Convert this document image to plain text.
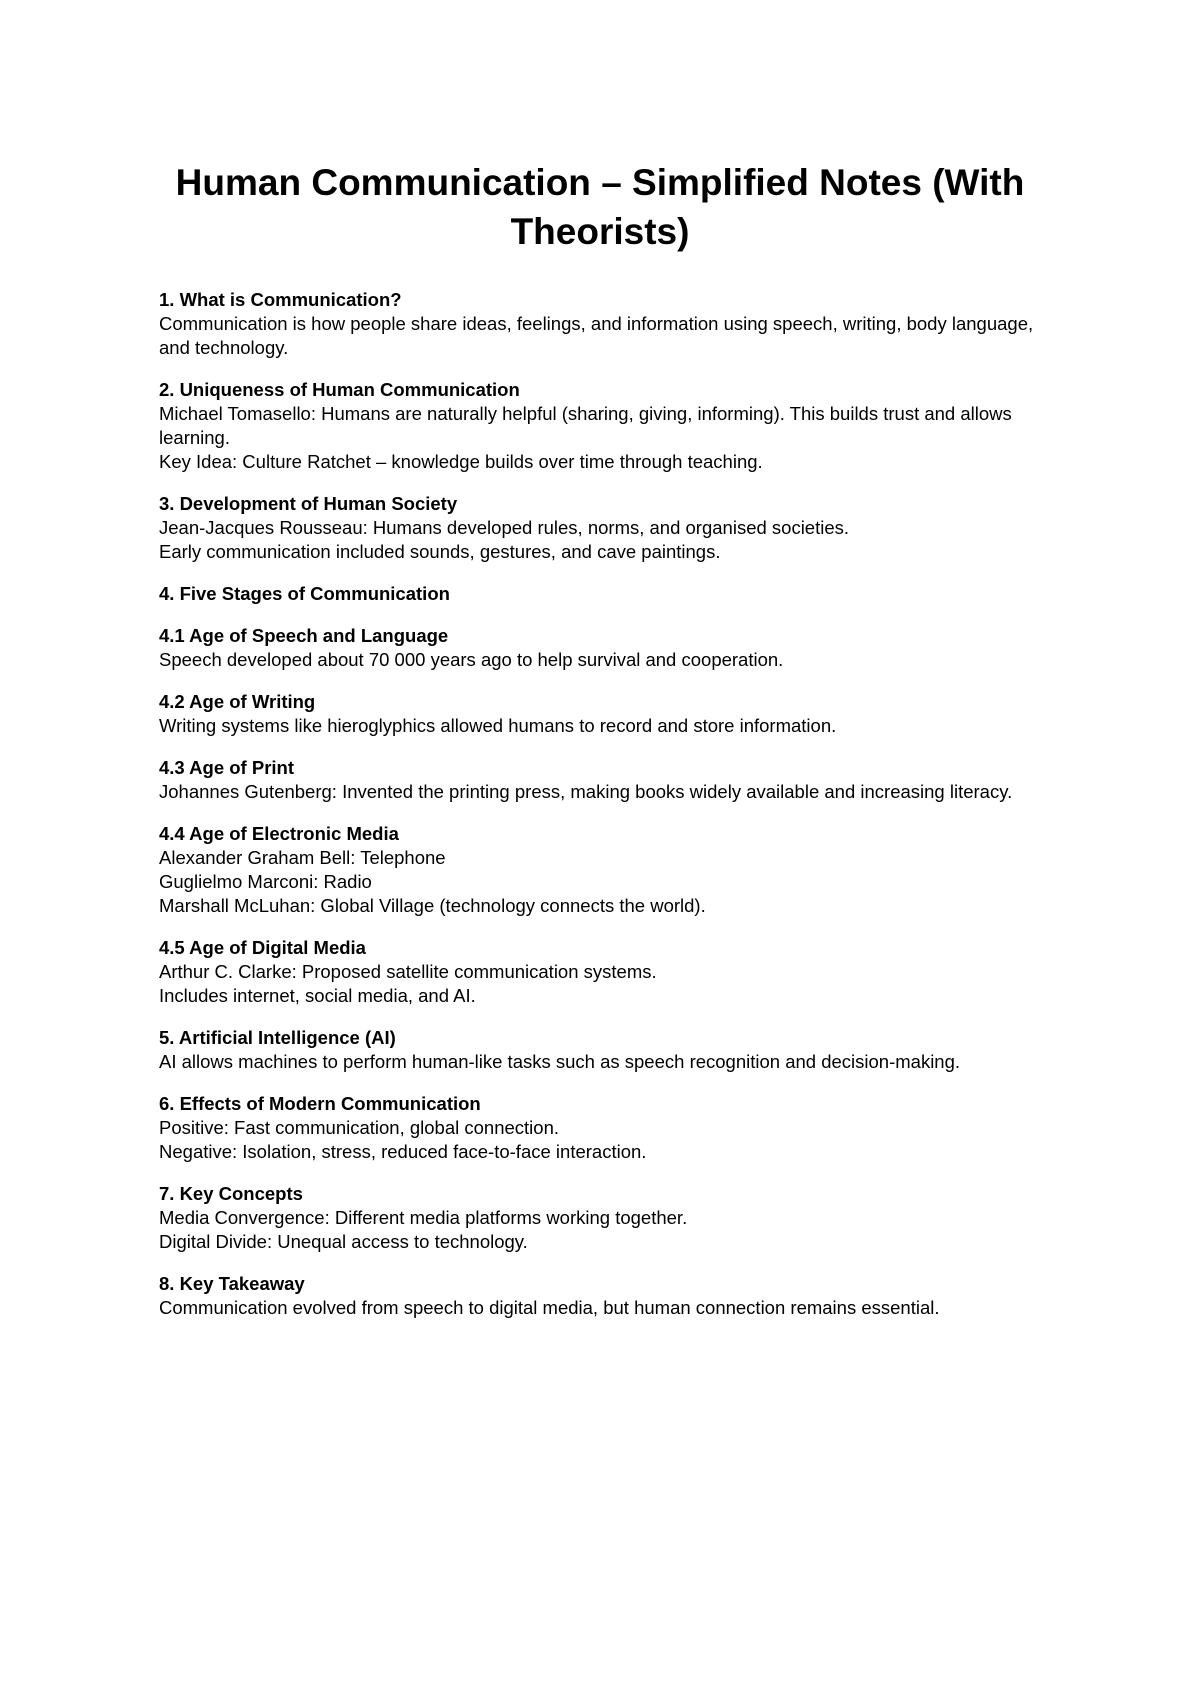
Human Communication – Simplified Notes (With Theorists)

1. What is Communication?

Communication is how people share ideas, feelings, and information using speech, writing, body language, and technology.

2. Uniqueness of Human Communication

Michael Tomasello: Humans are naturally helpful (sharing, giving, informing). This builds trust and allows learning.

Key Idea: Culture Ratchet – knowledge builds over time through teaching.

3. Development of Human Society

Jean-Jacques Rousseau: Humans developed rules, norms, and organised societies.

Early communication included sounds, gestures, and cave paintings.

4. Five Stages of Communication

4.1 Age of Speech and Language

Speech developed about 70 000 years ago to help survival and cooperation.

4.2 Age of Writing

Writing systems like hieroglyphics allowed humans to record and store information.

4.3 Age of Print

Johannes Gutenberg: Invented the printing press, making books widely available and increasing literacy.

4.4 Age of Electronic Media

Alexander Graham Bell: Telephone

Guglielmo Marconi: Radio

Marshall McLuhan: Global Village (technology connects the world).

4.5 Age of Digital Media

Arthur C. Clarke: Proposed satellite communication systems.

Includes internet, social media, and AI.

5. Artificial Intelligence (AI)

AI allows machines to perform human-like tasks such as speech recognition and decision-making.

6. Effects of Modern Communication

Positive: Fast communication, global connection.

Negative: Isolation, stress, reduced face-to-face interaction.

7. Key Concepts

Media Convergence: Different media platforms working together.

Digital Divide: Unequal access to technology.

8. Key Takeaway

Communication evolved from speech to digital media, but human connection remains essential.
